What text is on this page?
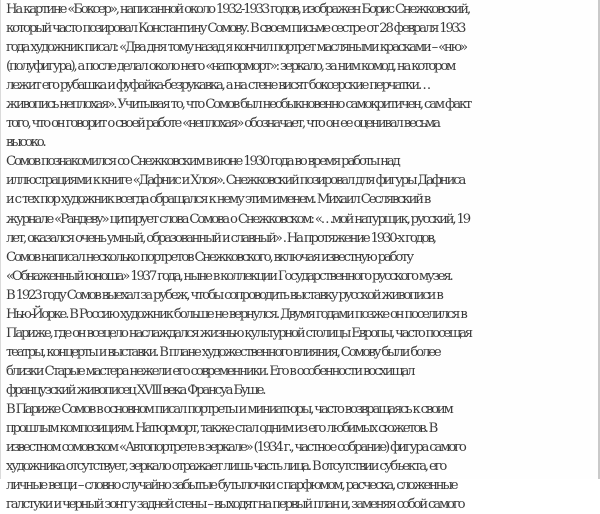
На картине «Боксер», написанной около 1932-1933 годов, изображен Борис Снежковский,
который часто позировал Константину Сомову. В своем письме сестре от 28 февраля 1933
года художник писал: «Два дня тому назад я кончил портрет масляными красками – «ню»
(полуфигура), а после делал около него «натюрморт»: зеркало, за ним комод, на котором
лежит его рубашка и фуфайка-безрукавка, а на стене висят боксерские перчатки…
живопись неплохая». Учитывая то, что Сомов был необыкновенно самокритичен, сам факт
того, что он говорит о своей работе «неплохая» обозначает, что он ее оценивал весьма
высоко.
Сомов познакомился со Снежковским в июне 1930 года во время работы над
иллюстрациями к книге «Дафнис и Хлоя». Снежковский позировал для фигуры Дафниса
и с тех пор художник всегда обращался к нему этим именем. Михаил Сеслявский в
журнале «Рандеву» цитирует слова Сомова о Снежковском: «…мой натурщик, русский, 19
лет, оказался очень умный, образованный и славный» . На протяжение 1930-х годов,
Сомов написал несколько портретов Снежковского, включая известную работу
«Обнаженный юноша» 1937 года, ныне в коллекции Государственного русского музея.
В 1923 году Сомов выехал за рубеж, чтобы сопроводить выставку русской живописи в
Нью-Йорке. В Россию художник больше не вернулся. Двумя годами позже он поселился в
Париже, где он всецело наслаждался жизнью культурной столицы Европы, часто посещая
театры, концерты и выставки. В плане художественного влияния, Сомову были более
близки Старые мастера нежели его современники. Его в особенности восхищал
французский живописец XVIII века Франсуа Буше.
В Париже Сомов в основном писал портреты и миниатюры, часто возвращаясь к своим
прошлым композициям. Натюрморт, также стал одним из его любимых сюжетов. В
известном сомовском «Автопортрете в зеркале» (1934 г., частное собрание) фигура самого
художника отсутствует, зеркало отражает лишь часть лица. В отсутствии субъекта, его
личные вещи – словно случайно забытые бутылочки с парфюмом, расческа, сложенные
галстуки и черный зонт у задней стены – выходят на первый план и, заменяя собой самого
